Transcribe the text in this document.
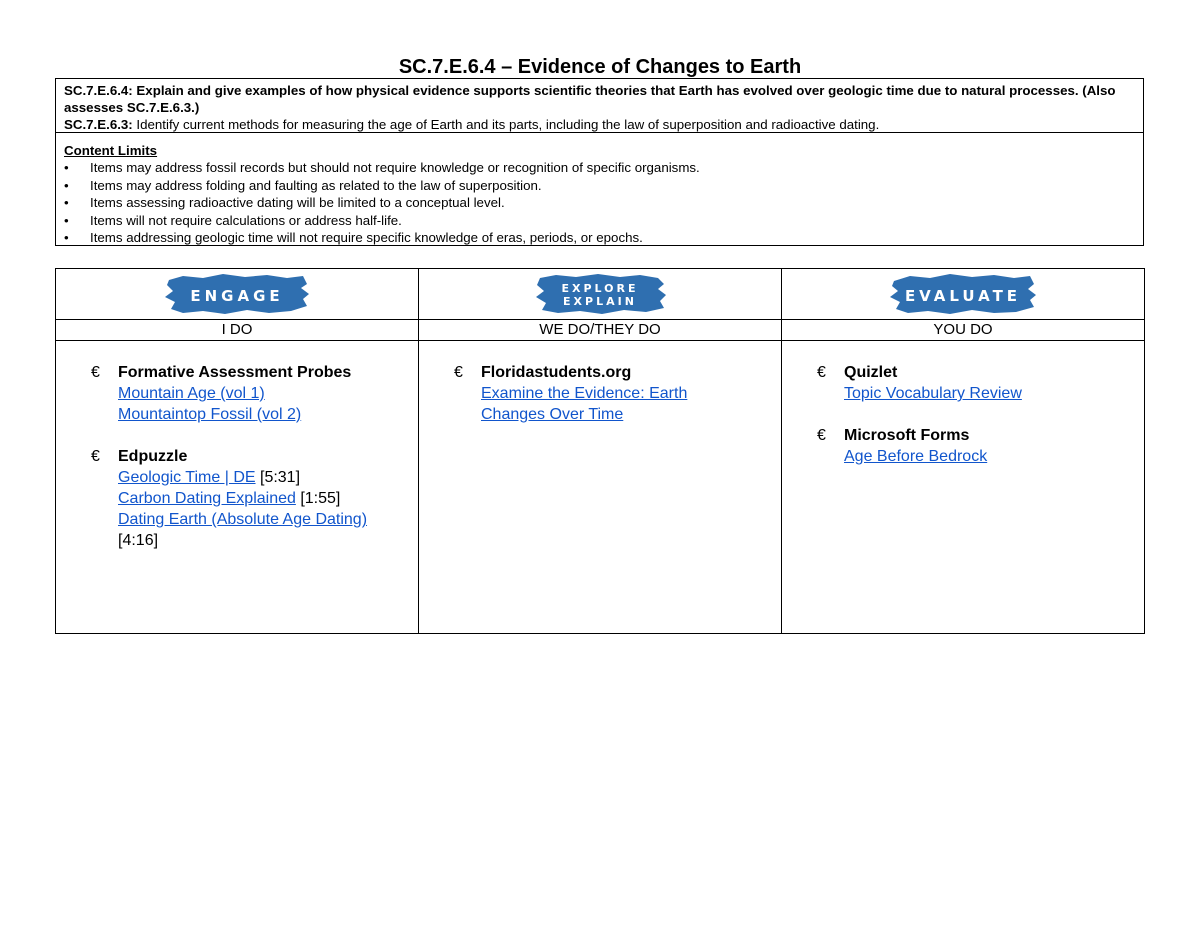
SC.7.E.6.4 – Evidence of Changes to Earth

SC.7.E.6.4: Explain and give examples of how physical evidence supports scientific theories that Earth has evolved over geologic time due to natural processes. (Also assesses SC.7.E.6.3.)

SC.7.E.6.3: Identify current methods for measuring the age of Earth and its parts, including the law of superposition and radioactive dating.

Content Limits
• Items may address fossil records but should not require knowledge or recognition of specific organisms.
• Items may address folding and faulting as related to the law of superposition.
• Items assessing radioactive dating will be limited to a conceptual level.
• Items will not require calculations or address half-life.
• Items addressing geologic time will not require specific knowledge of eras, periods, or epochs.
ENGAGE
I DO
€ Formative Assessment Probes
Mountain Age (vol 1)
Mountaintop Fossil (vol 2)
€ Edpuzzle
Geologic Time | DE [5:31]
Carbon Dating Explained [1:55]
Dating Earth (Absolute Age Dating)
[4:16]
EXPLORE
EXPLAIN
WE DO/THEY DO
€ Floridastudents.org
Examine the Evidence: Earth
Changes Over Time
EVALUATE
YOU DO
€ Quizlet
Topic Vocabulary Review
€ Microsoft Forms
Age Before Bedrock
